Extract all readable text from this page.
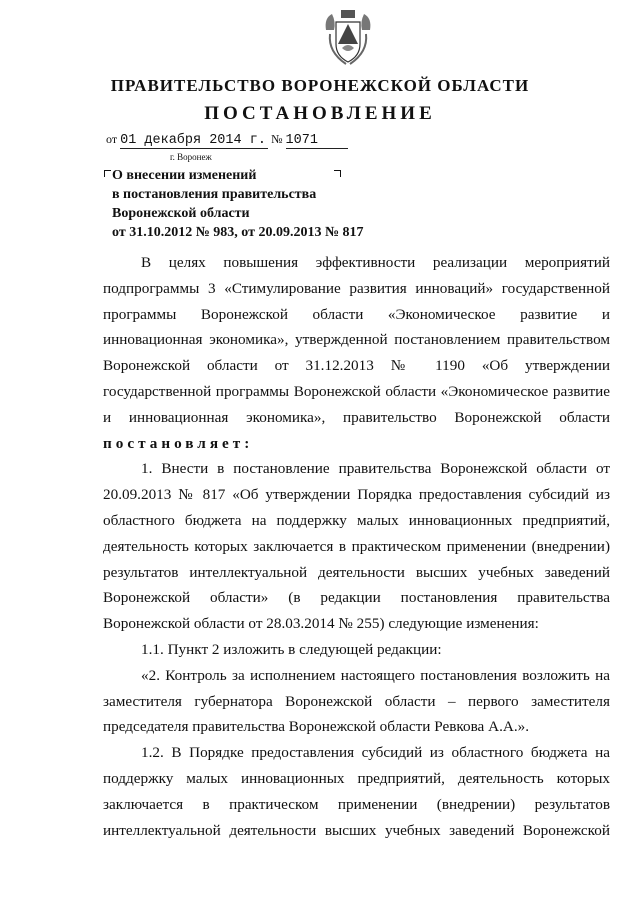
ПРАВИТЕЛЬСТВО ВОРОНЕЖСКОЙ ОБЛАСТИ
ПОСТАНОВЛЕНИЕ
от 01 декабря 2014 г. № 1071
г. Воронеж
О внесении изменений
в постановления правительства
Воронежской области
от 31.10.2012 № 983, от 20.09.2013 № 817
В целях повышения эффективности реализации мероприятий
подпрограммы 3 «Стимулирование развития инноваций» государственной
программы Воронежской области «Экономическое развитие и
инновационная экономика», утвержденной постановлением правительством
Воронежской области от 31.12.2013 № 1190 «Об утверждении
государственной программы Воронежской области «Экономическое развитие
и инновационная экономика», правительство Воронежской области
постановляет:
1. Внести в постановление правительства Воронежской области от
20.09.2013 № 817 «Об утверждении Порядка предоставления субсидий из
областного бюджета на поддержку малых инновационных предприятий,
деятельность которых заключается в практическом применении (внедрении)
результатов интеллектуальной деятельности высших учебных заведений
Воронежской области» (в редакции постановления правительства
Воронежской области от 28.03.2014 № 255) следующие изменения:
1.1. Пункт 2 изложить в следующей редакции:
«2. Контроль за исполнением настоящего постановления возложить на
заместителя губернатора Воронежской области – первого заместителя
председателя правительства Воронежской области Ревкова А.А.».
1.2. В Порядке предоставления субсидий из областного бюджета на
поддержку малых инновационных предприятий, деятельность которых
заключается в практическом применении (внедрении) результатов
интеллектуальной деятельности высших учебных заведений Воронежской
